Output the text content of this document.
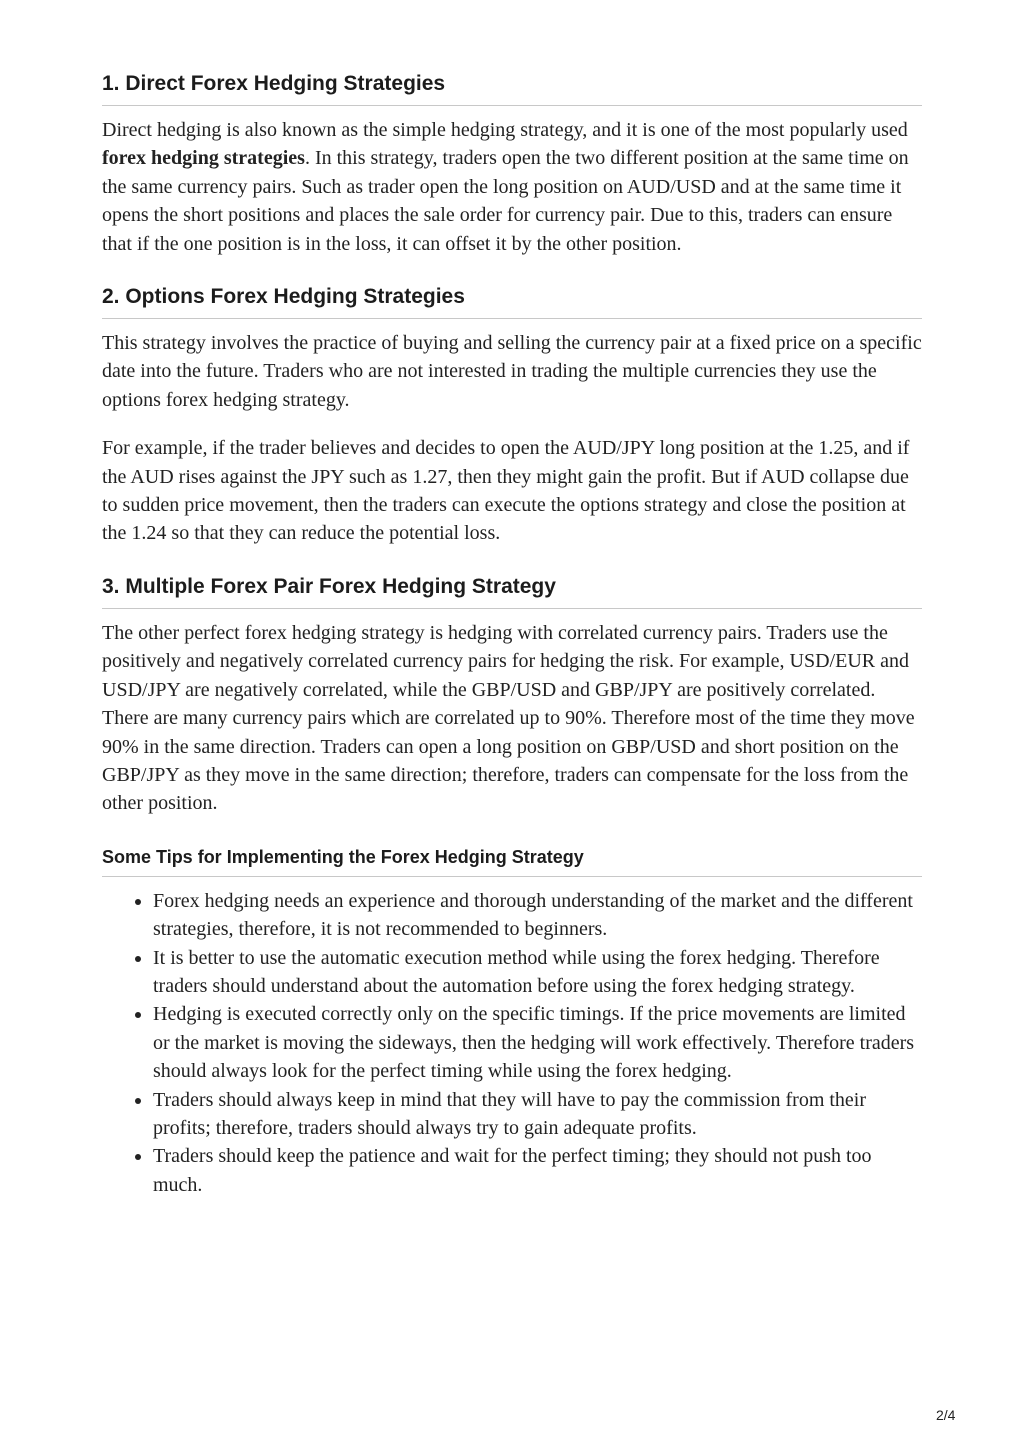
1. Direct Forex Hedging Strategies

Direct hedging is also known as the simple hedging strategy, and it is one of the most popularly used forex hedging strategies. In this strategy, traders open the two different position at the same time on the same currency pairs. Such as trader open the long position on AUD/USD and at the same time it opens the short positions and places the sale order for currency pair. Due to this, traders can ensure that if the one position is in the loss, it can offset it by the other position.

2. Options Forex Hedging Strategies

This strategy involves the practice of buying and selling the currency pair at a fixed price on a specific date into the future. Traders who are not interested in trading the multiple currencies they use the options forex hedging strategy.

For example, if the trader believes and decides to open the AUD/JPY long position at the 1.25, and if the AUD rises against the JPY such as 1.27, then they might gain the profit. But if AUD collapse due to sudden price movement, then the traders can execute the options strategy and close the position at the 1.24 so that they can reduce the potential loss.

3. Multiple Forex Pair Forex Hedging Strategy

The other perfect forex hedging strategy is hedging with correlated currency pairs. Traders use the positively and negatively correlated currency pairs for hedging the risk. For example, USD/EUR and USD/JPY are negatively correlated, while the GBP/USD and GBP/JPY are positively correlated. There are many currency pairs which are correlated up to 90%. Therefore most of the time they move 90% in the same direction. Traders can open a long position on GBP/USD and short position on the GBP/JPY as they move in the same direction; therefore, traders can compensate for the loss from the other position.

Some Tips for Implementing the Forex Hedging Strategy
• Forex hedging needs an experience and thorough understanding of the market and the different strategies, therefore, it is not recommended to beginners.
• It is better to use the automatic execution method while using the forex hedging. Therefore traders should understand about the automation before using the forex hedging strategy.
• Hedging is executed correctly only on the specific timings. If the price movements are limited or the market is moving the sideways, then the hedging will work effectively. Therefore traders should always look for the perfect timing while using the forex hedging.
• Traders should always keep in mind that they will have to pay the commission from their profits; therefore, traders should always try to gain adequate profits.
• Traders should keep the patience and wait for the perfect timing; they should not push too much.
2/4
